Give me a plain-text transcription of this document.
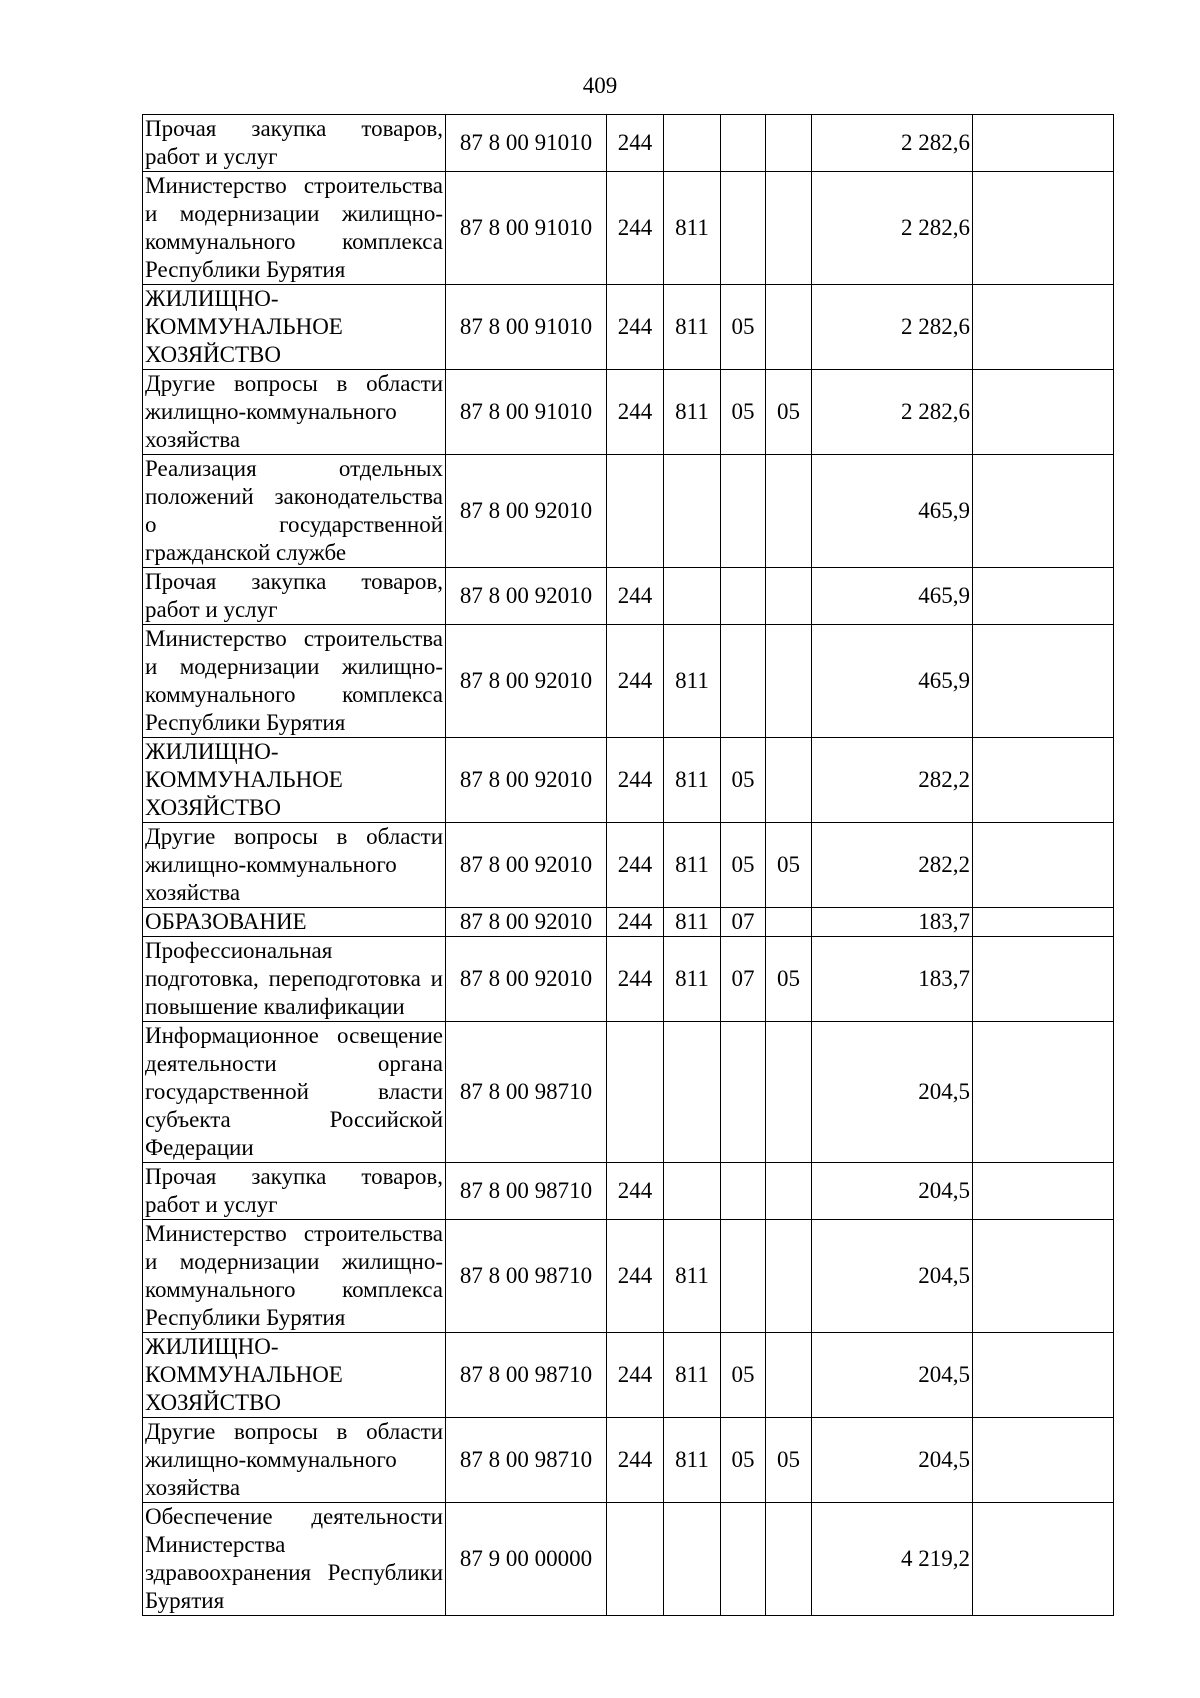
409
Прочая закупка товаров, работ и услуг	87 8 00 91010	244				2 282,6	
Министерство строительства и модернизации жилищно-коммунального комплекса Республики Бурятия	87 8 00 91010	244	811			2 282,6	
ЖИЛИЩНО-КОММУНАЛЬНОЕ ХОЗЯЙСТВО	87 8 00 91010	244	811	05		2 282,6	
Другие вопросы в области жилищно-коммунального хозяйства	87 8 00 91010	244	811	05	05	2 282,6	
Реализация отдельных положений законодательства о государственной гражданской службе	87 8 00 92010					465,9	
Прочая закупка товаров, работ и услуг	87 8 00 92010	244				465,9	
Министерство строительства и модернизации жилищно-коммунального комплекса Республики Бурятия	87 8 00 92010	244	811			465,9	
ЖИЛИЩНО-КОММУНАЛЬНОЕ ХОЗЯЙСТВО	87 8 00 92010	244	811	05		282,2	
Другие вопросы в области жилищно-коммунального хозяйства	87 8 00 92010	244	811	05	05	282,2	
ОБРАЗОВАНИЕ	87 8 00 92010	244	811	07		183,7	
Профессиональная подготовка, переподготовка и повышение квалификации	87 8 00 92010	244	811	07	05	183,7	
Информационное освещение деятельности органа государственной власти субъекта Российской Федерации	87 8 00 98710					204,5	
Прочая закупка товаров, работ и услуг	87 8 00 98710	244				204,5	
Министерство строительства и модернизации жилищно-коммунального комплекса Республики Бурятия	87 8 00 98710	244	811			204,5	
ЖИЛИЩНО-КОММУНАЛЬНОЕ ХОЗЯЙСТВО	87 8 00 98710	244	811	05		204,5	
Другие вопросы в области жилищно-коммунального хозяйства	87 8 00 98710	244	811	05	05	204,5	
Обеспечение деятельности Министерства здравоохранения Республики Бурятия	87 9 00 00000					4 219,2	
